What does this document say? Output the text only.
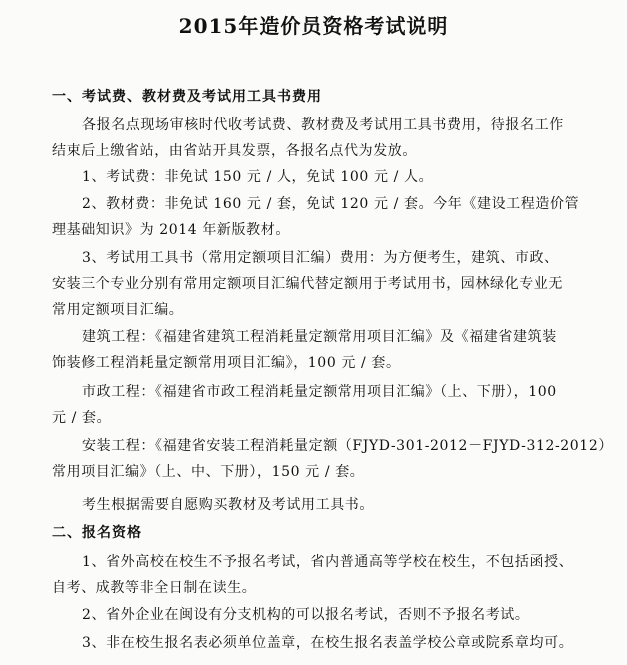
2015年造价员资格考试说明
一、考试费、教材费及考试用工具书费用
各报名点现场审核时代收考试费、教材费及考试用工具书费用，待报名工作
结束后上缴省站，由省站开具发票，各报名点代为发放。
1、考试费：非免试 150 元 / 人，免试 100 元 / 人。
2、教材费：非免试 160 元 / 套，免试 120 元 / 套。今年《建设工程造价管
理基础知识》为 2014 年新版教材。
3、考试用工具书（常用定额项目汇编）费用：为方便考生，建筑、市政、
安装三个专业分别有常用定额项目汇编代替定额用于考试用书，园林绿化专业无
常用定额项目汇编。
建筑工程：《福建省建筑工程消耗量定额常用项目汇编》及《福建省建筑装
饰装修工程消耗量定额常用项目汇编》，100 元 / 套。
市政工程：《福建省市政工程消耗量定额常用项目汇编》（上、下册），100
元 / 套。
安装工程：《福建省安装工程消耗量定额（FJYD-301-2012－FJYD-312-2012）
常用项目汇编》（上、中、下册），150 元 / 套。
考生根据需要自愿购买教材及考试用工具书。
二、报名资格
1、省外高校在校生不予报名考试，省内普通高等学校在校生，不包括函授、
自考、成教等非全日制在读生。
2、省外企业在闽设有分支机构的可以报名考试，否则不予报名考试。
3、非在校生报名表必须单位盖章，在校生报名表盖学校公章或院系章均可。
